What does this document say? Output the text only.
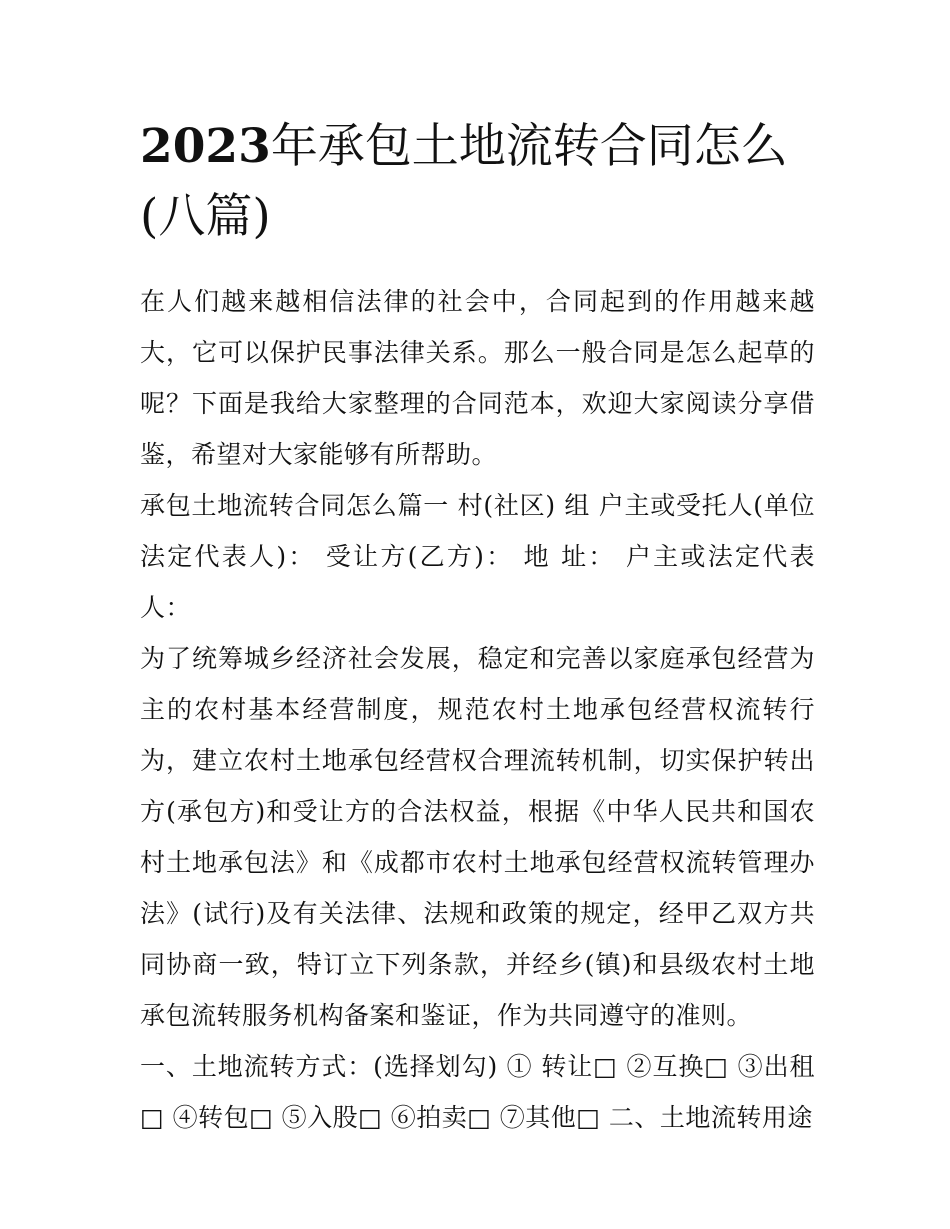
2023年承包土地流转合同怎么(八篇)

在人们越来越相信法律的社会中，合同起到的作用越来越大，它可以保护民事法律关系。那么一般合同是怎么起草的呢？下面是我给大家整理的合同范本，欢迎大家阅读分享借鉴，希望对大家能够有所帮助。

承包土地流转合同怎么篇一 村(社区) 组 户主或受托人(单位法定代表人)： 受让方(乙方)： 地 址： 户主或法定代表人：

为了统筹城乡经济社会发展，稳定和完善以家庭承包经营为主的农村基本经营制度，规范农村土地承包经营权流转行为，建立农村土地承包经营权合理流转机制，切实保护转出方(承包方)和受让方的合法权益，根据《中华人民共和国农村土地承包法》和《成都市农村土地承包经营权流转管理办法》(试行)及有关法律、法规和政策的规定，经甲乙双方共同协商一致，特订立下列条款，并经乡(镇)和县级农村土地承包流转服务机构备案和鉴证，作为共同遵守的准则。

一、土地流转方式：(选择划勾) ① 转让□ ②互换□ ③出租□ ④转包□ ⑤入股□ ⑥拍卖□ ⑦其他□ 二、土地流转用途
